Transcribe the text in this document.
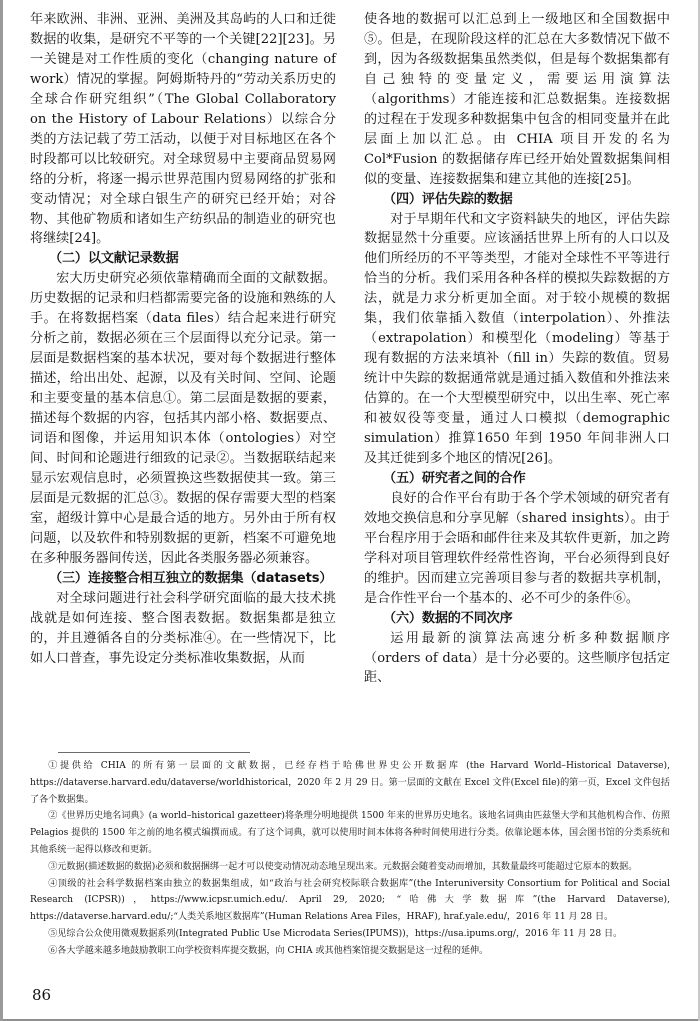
年来欧洲、非洲、亚洲、美洲及其岛屿的人口和迁徙数据的收集，是研究不平等的一个关键[22][23]。另一关键是对工作性质的变化（changing nature of work）情况的掌握。阿姆斯特丹的“劳动关系历史的全球合作研究组织”（The Global Collaboratory on the History of Labour Relations）以综合分类的方法记载了劳工活动，以便于对目标地区在各个时段都可以比较研究。对全球贸易中主要商品贸易网络的分析，将逐一揭示世界范围内贸易网络的扩张和变动情况；对全球白银生产的研究已经开始；对谷物、其他矿物质和诸如生产纺织品的制造业的研究也将继续[24]。

（二）以文献记录数据

宏大历史研究必须依靠精确而全面的文献数据。历史数据的记录和归档都需要完备的设施和熟练的人手。在将数据档案（data files）结合起来进行研究分析之前，数据必须在三个层面得以充分记录。第一层面是数据档案的基本状况，要对每个数据进行整体描述，给出出处、起源，以及有关时间、空间、论题和主要变量的基本信息①。第二层面是数据的要素，描述每个数据的内容，包括其内部小格、数据要点、词语和图像，并运用知识本体（ontologies）对空间、时间和论题进行细致的记录②。当数据联结起来显示宏观信息时，必须置换这些数据使其一致。第三层面是元数据的汇总③。数据的保存需要大型的档案室，超级计算中心是最合适的地方。另外由于所有权问题，以及软件和特别数据的更新，档案不可避免地在多种服务器间传送，因此各类服务器必须兼容。

（三）连接整合相互独立的数据集（datasets）

对全球问题进行社会科学研究面临的最大技术挑战就是如何连接、整合图表数据。数据集都是独立的，并且遵循各自的分类标准④。在一些情况下，比如人口普查，事先设定分类标准收集数据，从而

使各地的数据可以汇总到上一级地区和全国数据中⑤。但是，在现阶段这样的汇总在大多数情况下做不到，因为各级数据集虽然类似，但是每个数据集都有自己独特的变量定义，需要运用演算法（algorithms）才能连接和汇总数据集。连接数据的过程在于发现多种数据集中包含的相同变量并在此层面上加以汇总。由 CHIA 项目开发的名为 Col*Fusion 的数据储存库已经开始处置数据集间相似的变量、连接数据集和建立其他的连接[25]。

（四）评估失踪的数据

对于早期年代和文字资料缺失的地区，评估失踪数据显然十分重要。应该涵括世界上所有的人口以及他们所经历的不平等类型，才能对全球性不平等进行恰当的分析。我们采用各种各样的模拟失踪数据的方法，就是力求分析更加全面。对于较小规模的数据集，我们依靠插入数值（interpolation）、外推法（extrapolation）和模型化（modeling）等基于现有数据的方法来填补（fill in）失踪的数值。贸易统计中失踪的数据通常就是通过插入数值和外推法来估算的。在一个大型模型研究中，以出生率、死亡率和被奴役等变量，通过人口模拟（demographic simulation）推算1650 年到 1950 年间非洲人口及其迁徙到多个地区的情况[26]。

（五）研究者之间的合作

良好的合作平台有助于各个学术领域的研究者有效地交换信息和分享见解（shared insights）。由于平台程序用于会晤和邮件往来及其软件更新，加之跨学科对项目管理软件经常性咨询，平台必须得到良好的维护。因而建立完善项目参与者的数据共享机制，是合作性平台一个基本的、必不可少的条件⑥。

（六）数据的不同次序

运用最新的演算法高速分析多种数据顺序（orders of data）是十分必要的。这些顺序包括定距、

①提供给 CHIA 的所有第一层面的文献数据，已经存档于哈佛世界史公开数据库 (the Harvard World–Historical Dataverse), https://dataverse.harvard.edu/dataverse/worldhistorical，2020 年 2 月 29 日。第一层面的文献在 Excel 文件(Excel file)的第一页，Excel 文件包括了各个数据集。

②《世界历史地名词典》(a world–historical gazetteer)将条理分明地提供 1500 年来的世界历史地名。该地名词典由匹兹堡大学和其他机构合作、仿照 Pelagios 提供的 1500 年之前的地名模式编撰而成。有了这个词典，就可以使用时间本体将各种时间使用进行分类。依靠论题本体，国会图书馆的分类系统和其他系统一起得以修改和更新。

③元数据(描述数据的数据)必须和数据捆绑一起才可以使变动情况动态地呈现出来。元数据会随着变动而增加，其数量最终可能超过它原本的数据。

④顶级的社会科学数据档案由独立的数据集组成，如“政治与社会研究校际联合数据库”(the Interuniversity Consortium for Political and Social Research (ICPSR))，https://www.icpsr.umich.edu/. April 29, 2020; “哈佛大学数据库”(the Harvard Dataverse), https://dataverse.harvard.edu/;“人类关系地区数据库”(Human Relations Area Files，HRAF), hraf.yale.edu/，2016 年 11 月 28 日。

⑤见综合公众使用微观数据系列(Integrated Public Use Microdata Series(IPUMS))，https://usa.ipums.org/，2016 年 11 月 28 日。

⑥各大学越来越多地鼓励教职工向学校资料库提交数据，向 CHIA 或其他档案馆提交数据是这一过程的延伸。

86
